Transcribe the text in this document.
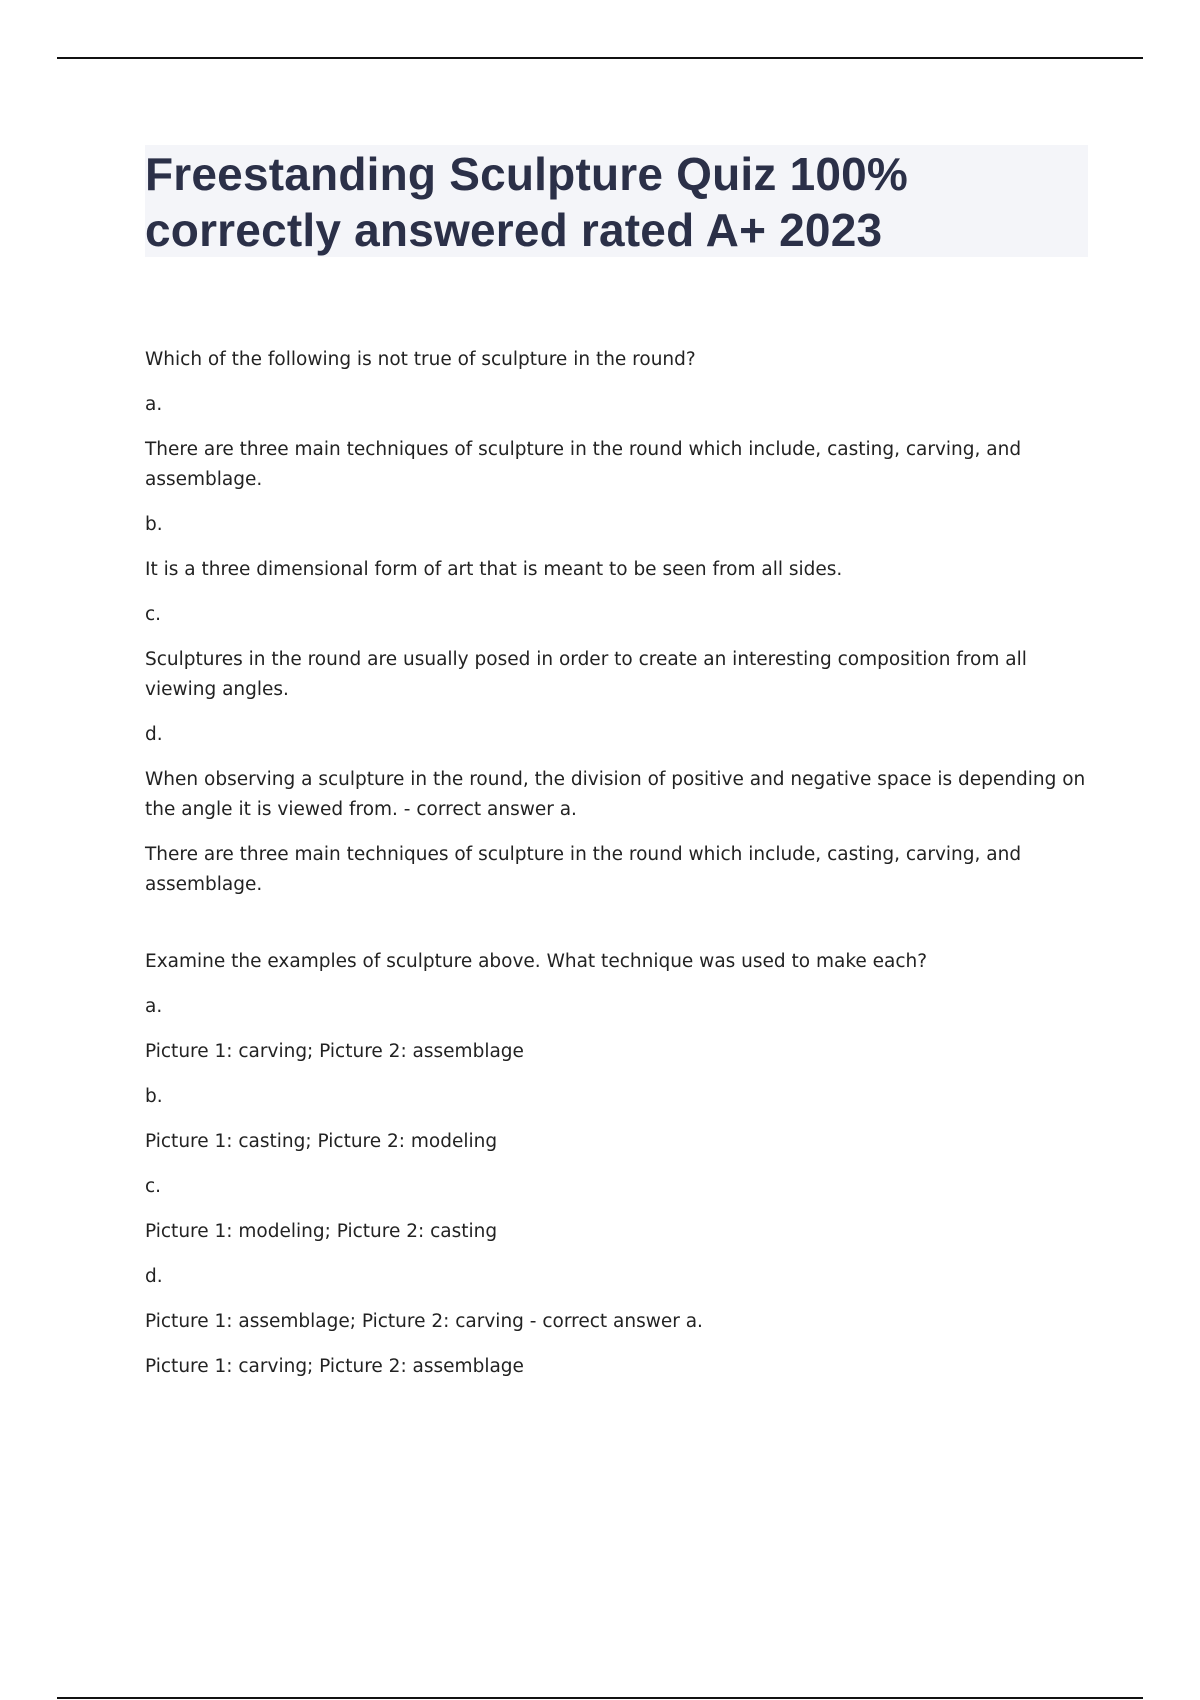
Freestanding Sculpture Quiz 100% correctly answered rated A+ 2023

Which of the following is not true of sculpture in the round?

a.

There are three main techniques of sculpture in the round which include, casting, carving, and assemblage.

b.

It is a three dimensional form of art that is meant to be seen from all sides.

c.

Sculptures in the round are usually posed in order to create an interesting composition from all viewing angles.

d.

When observing a sculpture in the round, the division of positive and negative space is depending on the angle it is viewed from. - correct answer a.

There are three main techniques of sculpture in the round which include, casting, carving, and assemblage.

Examine the examples of sculpture above. What technique was used to make each?

a.

Picture 1: carving; Picture 2: assemblage

b.

Picture 1: casting; Picture 2: modeling

c.

Picture 1: modeling; Picture 2: casting

d.

Picture 1: assemblage; Picture 2: carving - correct answer a.

Picture 1: carving; Picture 2: assemblage
